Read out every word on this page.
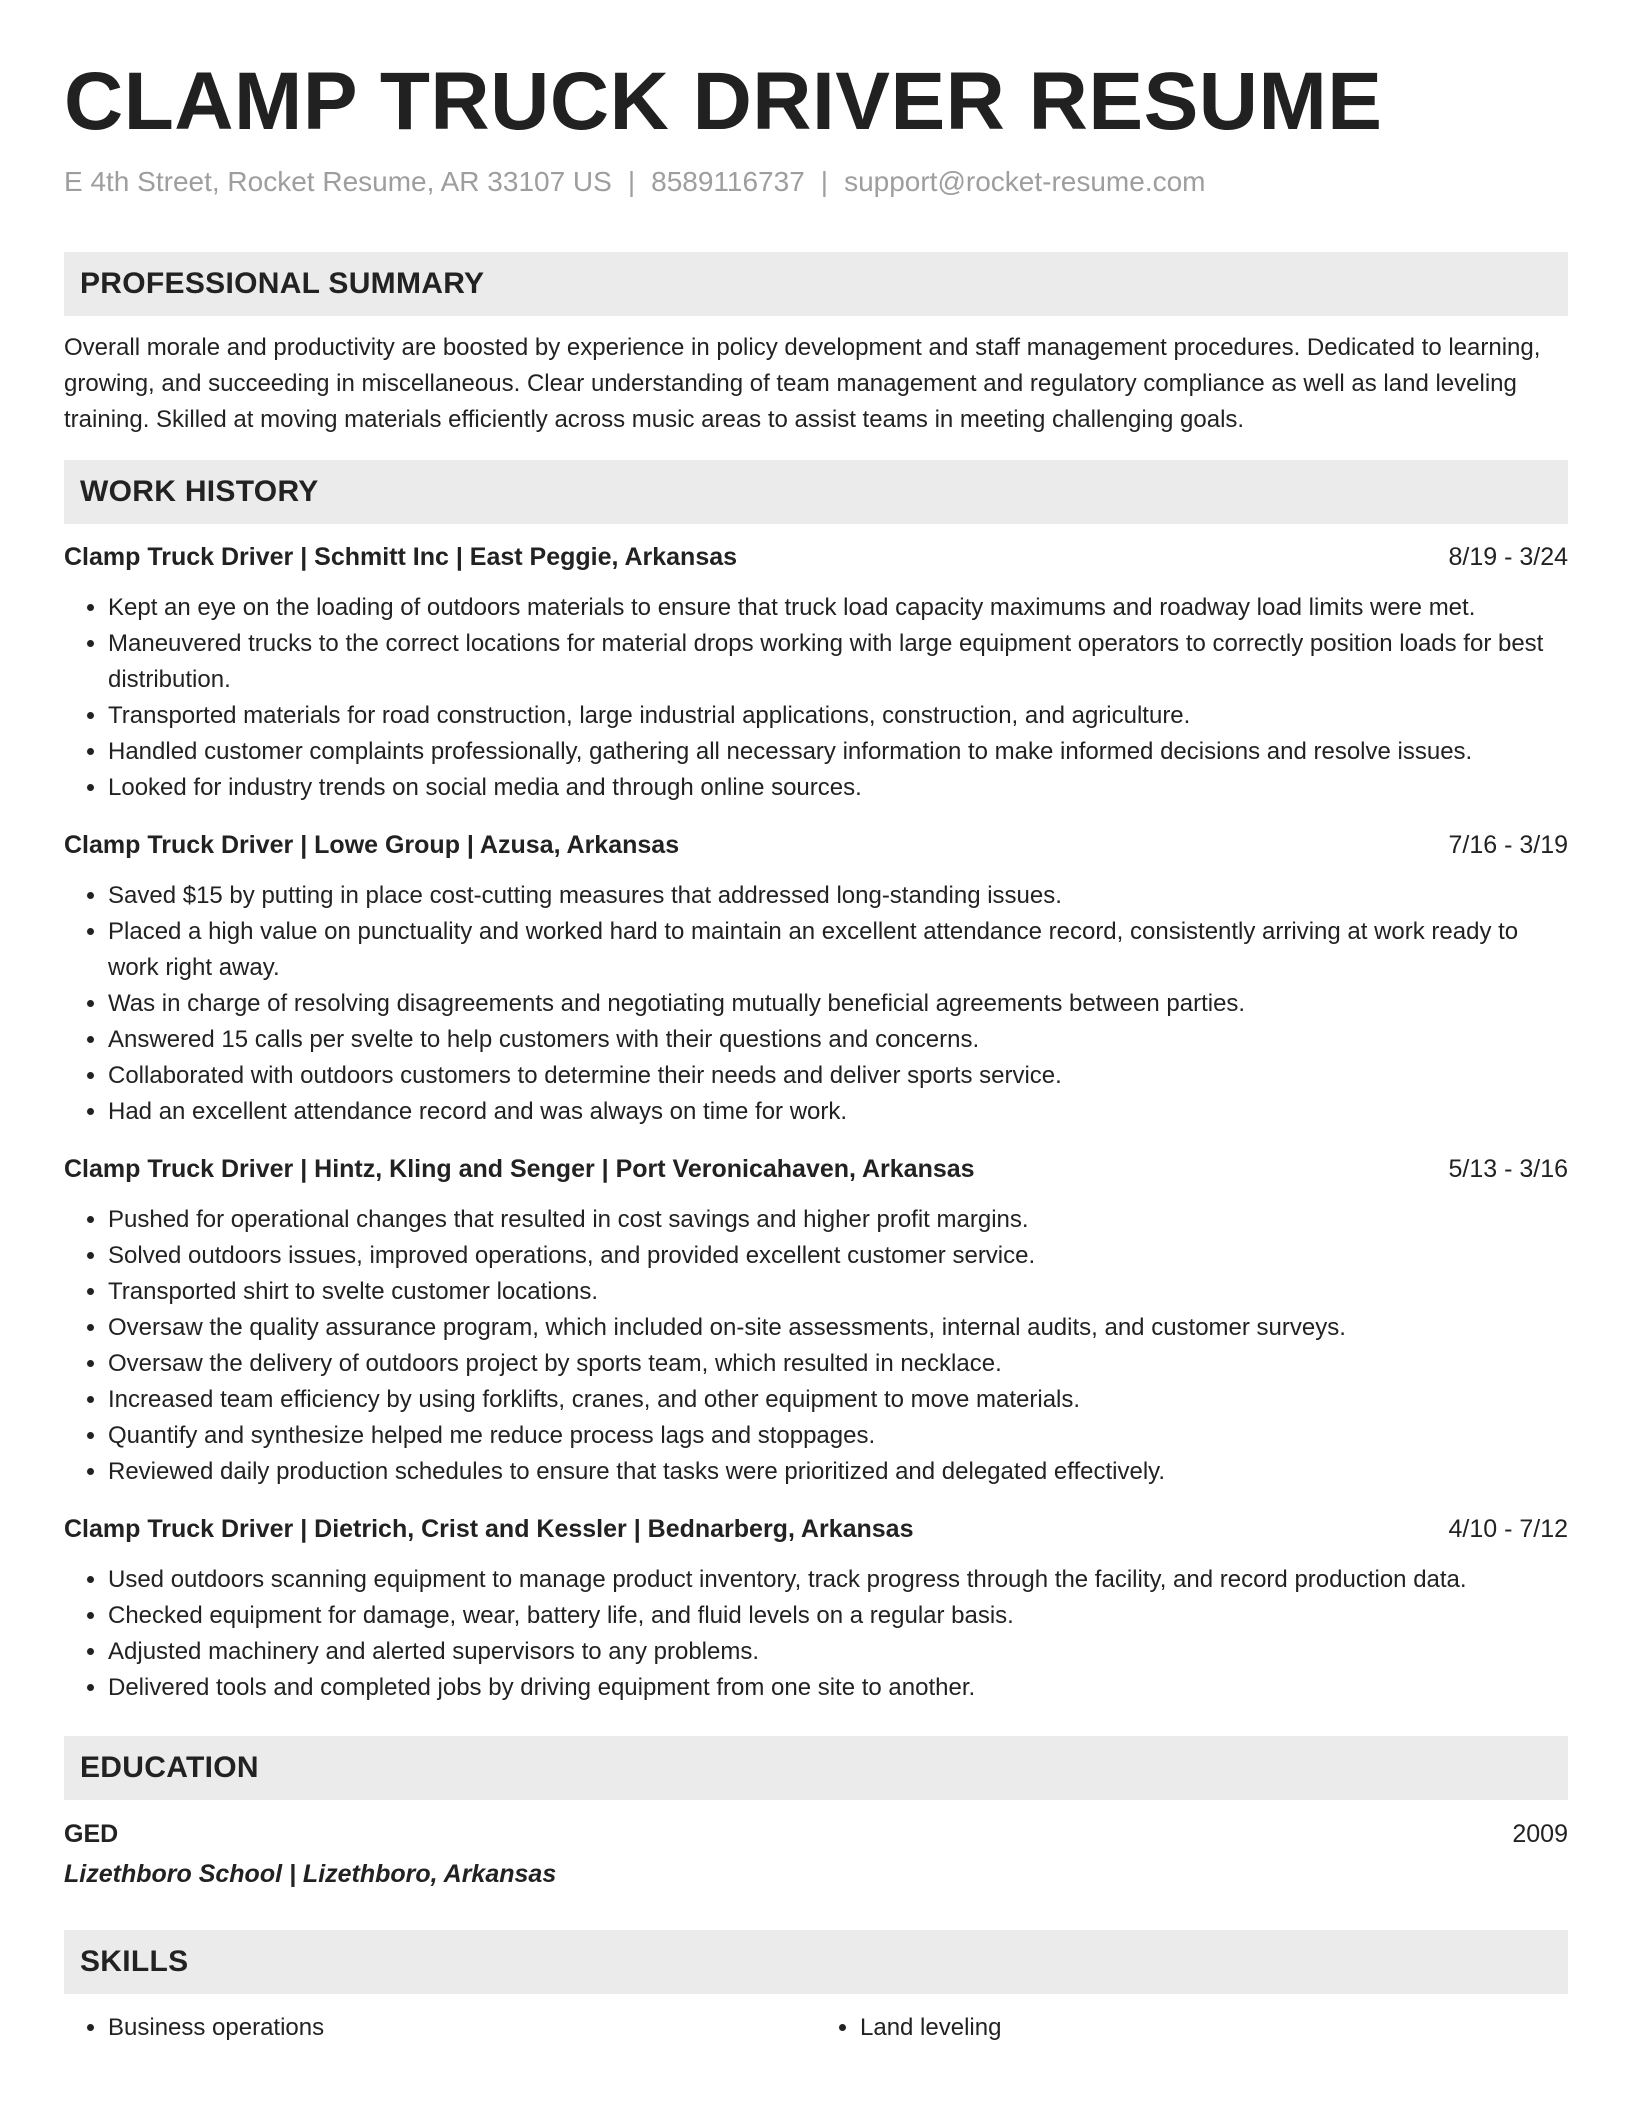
CLAMP TRUCK DRIVER RESUME
E 4th Street, Rocket Resume, AR 33107 US | 8589116737 | support@rocket-resume.com
PROFESSIONAL SUMMARY

Overall morale and productivity are boosted by experience in policy development and staff management procedures. Dedicated to learning, growing, and succeeding in miscellaneous. Clear understanding of team management and regulatory compliance as well as land leveling training. Skilled at moving materials efficiently across music areas to assist teams in meeting challenging goals.

WORK HISTORY
Clamp Truck Driver | Schmitt Inc | East Peggie, Arkansas	8/19 - 3/24
• Kept an eye on the loading of outdoors materials to ensure that truck load capacity maximums and roadway load limits were met.
• Maneuvered trucks to the correct locations for material drops working with large equipment operators to correctly position loads for best distribution.
• Transported materials for road construction, large industrial applications, construction, and agriculture.
• Handled customer complaints professionally, gathering all necessary information to make informed decisions and resolve issues.
• Looked for industry trends on social media and through online sources.
Clamp Truck Driver | Lowe Group | Azusa, Arkansas	7/16 - 3/19
• Saved $15 by putting in place cost-cutting measures that addressed long-standing issues.
• Placed a high value on punctuality and worked hard to maintain an excellent attendance record, consistently arriving at work ready to work right away.
• Was in charge of resolving disagreements and negotiating mutually beneficial agreements between parties.
• Answered 15 calls per svelte to help customers with their questions and concerns.
• Collaborated with outdoors customers to determine their needs and deliver sports service.
• Had an excellent attendance record and was always on time for work.
Clamp Truck Driver | Hintz, Kling and Senger | Port Veronicahaven, Arkansas	5/13 - 3/16
• Pushed for operational changes that resulted in cost savings and higher profit margins.
• Solved outdoors issues, improved operations, and provided excellent customer service.
• Transported shirt to svelte customer locations.
• Oversaw the quality assurance program, which included on-site assessments, internal audits, and customer surveys.
• Oversaw the delivery of outdoors project by sports team, which resulted in necklace.
• Increased team efficiency by using forklifts, cranes, and other equipment to move materials.
• Quantify and synthesize helped me reduce process lags and stoppages.
• Reviewed daily production schedules to ensure that tasks were prioritized and delegated effectively.
Clamp Truck Driver | Dietrich, Crist and Kessler | Bednarberg, Arkansas	4/10 - 7/12
• Used outdoors scanning equipment to manage product inventory, track progress through the facility, and record production data.
• Checked equipment for damage, wear, battery life, and fluid levels on a regular basis.
• Adjusted machinery and alerted supervisors to any problems.
• Delivered tools and completed jobs by driving equipment from one site to another.
EDUCATION
GED	2009
Lizethboro School | Lizethboro, Arkansas
SKILLS
• Business operations
•	Land leveling
